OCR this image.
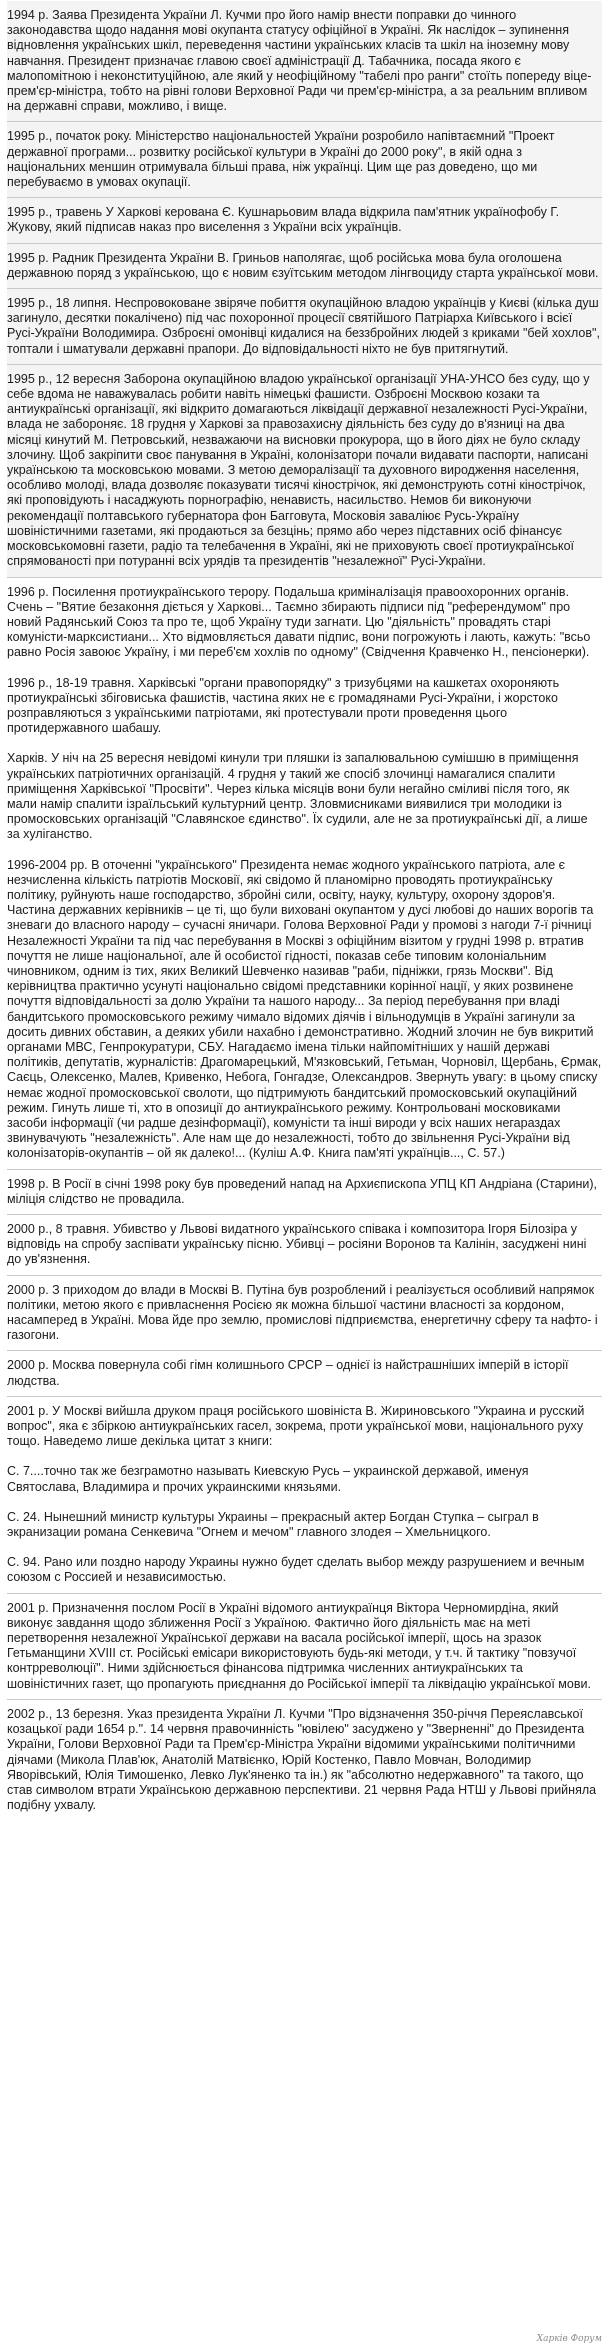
1994 р. Заява Президента України Л. Кучми про його намір внести поправки до чинного законодавства щодо надання мові окупанта статусу офіційної в Україні. Як наслідок – зупинення відновлення українських шкіл, переведення частини українських класів та шкіл на іноземну мову навчання. Президент призначає главою своєї адміністрації Д. Табачника, посада якого є малопомітною і неконституційною, але який у неофіційному "табелі про ранги" стоїть попереду віце-прем'єр-міністра, тобто на рівні голови Верховної Ради чи прем'єр-міністра, а за реальним впливом на державні справи, можливо, і вище.

1995 р., початок року. Міністерство національностей України розробило напівтаємний "Проект державної програми... розвитку російської культури в Україні до 2000 року", в якій одна з національних меншин отримувала більші права, ніж українці. Цим ще раз доведено, що ми перебуваємо в умовах окупації.

1995 р., травень У Харкові керована Є. Кушнарьовим влада відкрила пам'ятник українофобу Г. Жукову, який підписав наказ про виселення з України всіх українців.

1995 р. Радник Президента України В. Гриньов наполягає, щоб російська мова була оголошена державною поряд з українською, що є новим єзуїтським методом лінгвоциду старта української мови.

1995 р., 18 липня. Неспровоковане звіряче побиття окупаційною владою українців у Києві (кілька душ загинуло, десятки покалічено) під час похоронної процесії святійшого Патріарха Київського і всієї Русі-України Володимира. Озброєні омонівці кидалися на беззбройних людей з криками "бей хохлов", топтали і шматували державні прапори. До відповідальності ніхто не був притягнутий.

1995 р., 12 вересня Заборона окупаційною владою української організації УНА-УНСО без суду, що у себе вдома не наважувалась робити навіть німецькі фашисти. Озброєні Москвою козаки та антиукраїнські організації, які відкрито домагаються ліквідації державної незалежності Русі-України, влада не забороняє. 18 грудня у Харкові за правозахисну діяльність без суду до в'язниці на два місяці кинутий М. Петровський, незважаючи на висновки прокурора, що в його діях не було складу злочину. Щоб закріпити своє панування в Україні, колонізатори почали видавати паспорти, написані українською та московською мовами. З метою деморалізації та духовного виродження населення, особливо молоді, влада дозволяє показувати тисячі кінострічок, які демонструють сотні кінострічок, які проповідують і насаджують порнографію, ненависть, насильство. Немов би виконуючи рекомендації полтавського губернатора фон Багговута, Московія заваліює Русь-Україну шовіністичними газетами, які продаються за безцінь; прямо або через підставних осіб фінансує московськомовні газети, радіо та телебачення в Україні, які не приховують своєї протиукраїнської спрямованості при потуранні всіх урядів та президентів "незалежної" Русі-України.

1996 р. Посилення протиукраїнського терору. Подальша криміналізація правоохоронних органів. Счень – "Вятие безаконня діється у Харкові... Таємно збирають підписи під "референдумом" про новий Радянський Союз та про те, щоб Україну туди загнати. Цю "діяльність" провадять старі комуністи-марксистиани... Хто відмовляється давати підпис, вони погрожують і лають, кажуть: "всьо равно Росія завоює Україну, і ми переб'єм хохлів по одному" (Свідчення Кравченко Н., пенсіонерки).

1996 р., 18-19 травня. Харківські "органи правопорядку" з тризубцями на кашкетах охороняють протиукраїнські збіговиська фашистів, частина яких не є громадянами Русі-України, і жорстоко розправляються з українськими патріотами, які протестували проти проведення цього протидержавного шабашу.

Харків. У ніч на 25 вересня невідомі кинули три пляшки із запалювальною сумішшю в приміщення українських патріотичних організацій. 4 грудня у такий же спосіб злочинці намагалися спалити приміщення Харківської "Просвіти". Через кілька місяців вони були негайно сміливі після того, як мали намір спалити ізраїльський культурний центр. Зловмисниками виявилися три молодики із промосковських організацій "Славянское єдинство". Їх судили, але не за протиукраїнські дії, а лише за хуліганство.

1996-2004 рр. В оточенні "українського" Президента немає жодного українського патріота, але є незчисленна кількість патріотів Московії, які свідомо й планомірно проводять протиукраїнську політику, руйнують наше господарство, збройні сили, освіту, науку, культуру, охорону здоров'я. Частина державних керівників – це ті, що були виховані окупантом у дусі любові до наших ворогів та зневаги до власного народу – сучасні яничари. Голова Верховної Ради у промові з нагоди 7-ї річниці Незалежності України та під час перебування в Москві з офіційним візитом у грудні 1998 р. втратив почуття не лише національної, але й особистої гідності, показав себе типовим колоніальним чиновником, одним із тих, яких Великий Шевченко називав "раби, підніжки, грязь Москви". Від керівництва практично усунуті національно свідомі представники корінної нації, у яких розвинене почуття відповідальності за долю України та нашого народу... За період перебування при владі бандитського промосковського режиму чимало відомих діячів і вільнодумців в Україні загинули за досить дивних обставин, а деяких убили нахабно і демонстративно. Жодний злочин не був викритий органами МВС, Генпрокуратури, СБУ. Нагадаємо імена тільки найпомітніших у нашій державі політиків, депутатів, журналістів: Драгомарецький, М'язковський, Гетьман, Чорновіл, Щербань, Єрмак, Саєць, Олексенко, Малев, Кривенко, Небога, Гонгадзе, Олександров. Звернуть увагу: в цьому списку немає жодної промосковської сволоти, що підтримують бандитський промосковський окупаційний режим. Гинуть лише ті, хто в опозиції до антиукраїнського режиму. Контрольовані московиками засоби інформації (чи радше дезінформації), комуністи та інші вироди у всіх наших негараздах звинувачують "незалежність". Але нам ще до незалежності, тобто до звільнення Русі-України від колонізаторів-окупантів – ой як далеко!... (Куліш А.Ф. Книга пам'яті українців..., С. 57.)

1998 р. В Росії в січні 1998 року був проведений напад на Архиєпископа УПЦ КП Андріана (Старини), міліція слідство не провадила.

2000 р., 8 травня. Убивство у Львові видатного українського співака і композитора Ігоря Білозіра у відповідь на спробу заспівати українську пісню. Убивці – росіяни Воронов та Калінін, засуджені нині до ув'язнення.

2000 р. З приходом до влади в Москві В. Путіна був розроблений і реалізується особливий напрямок політики, метою якого є привласнення Росією як можна більшої частини власності за кордоном, насамперед в Україні. Мова йде про землю, промислові підприємства, енергетичну сферу та нафто- і газогони.

2000 р. Москва повернула собі гімн колишнього СРСР – однієї із найстрашніших імперій в історії людства.

2001 р. У Москві вийшла друком праця російського шовініста В. Жириновського "Украина и русский вопрос", яка є збіркою антиукраїнських гасел, зокрема, проти української мови, національного руху тощо. Наведемо лише декілька цитат з книги:

С. 7....точно так же безграмотно называть Киевскую Русь – украинской державой, именуя Святослава, Владимира и прочих украинскими князьями.

С. 24. Нынешний министр культуры Украины – прекрасный актер Богдан Ступка – сыграл в экранизации романа Сенкевича "Огнем и мечом" главного злодея – Хмельницкого.

С. 94. Рано или поздно народу Украины нужно будет сделать выбор между разрушением и вечным союзом с Россией и независимостью.

2001 р. Призначення послом Росії в Україні відомого антиукраїнця Віктора Черномирдіна, який виконує завдання щодо зближення Росії з Україною. Фактично його діяльність має на меті перетворення незалежної Української держави на васала російської імперії, щось на зразок Гетьманщини XVIII ст. Російські емісари використовують будь-які методи, у т.ч. й тактику "повзучої контрреволюції". Ними здійснюється фінансова підтримка численних антиукраїнських та шовіністичних газет, що пропагують приєднання до Російської імперії та ліквідацію української мови.

2002 р., 13 березня. Указ президента України Л. Кучми "Про відзначення 350-річчя Переяславської козацької ради 1654 р.". 14 червня правочинність "ювілею" засуджено у "Зверненні" до Президента України, Голови Верховної Ради та Прем'єр-Міністра України відомими українськими політичними діячами (Микола Плав'юк, Анатолій Матвієнко, Юрій Костенко, Павло Мовчан, Володимир Яворівський, Юлія Тимошенко, Левко Лук'яненко та ін.) як "абсолютно недержавного" та такого, що став символом втрати Українською державною перспективи. 21 червня Рада НТШ у Львові прийняла подібну ухвалу.

Харків Форум
